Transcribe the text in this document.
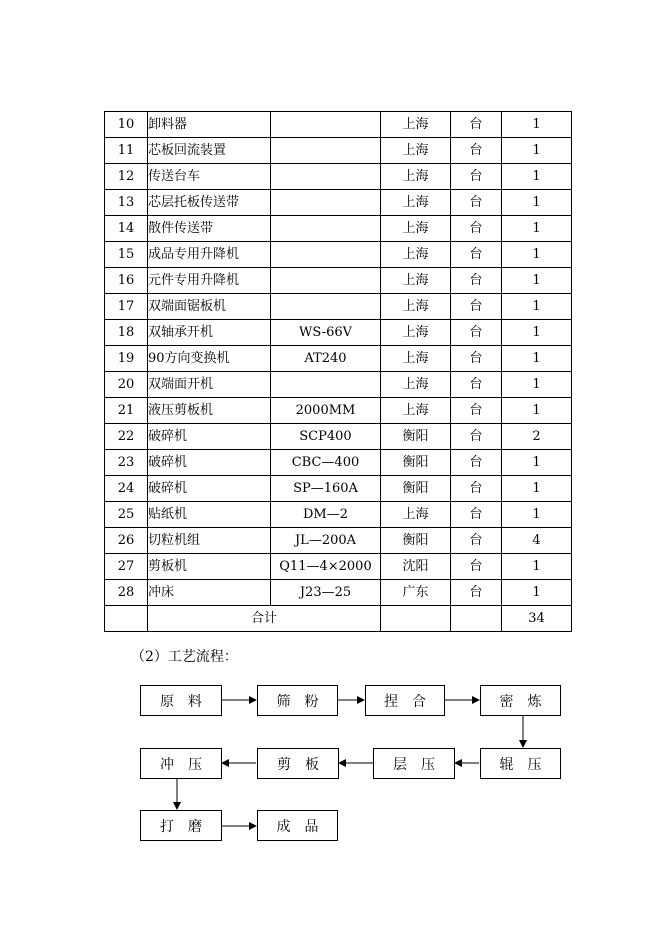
10	卸料器		上海	台	1
11	芯板回流装置		上海	台	1
12	传送台车		上海	台	1
13	芯层托板传送带		上海	台	1
14	散件传送带		上海	台	1
15	成品专用升降机		上海	台	1
16	元件专用升降机		上海	台	1
17	双端面锯板机		上海	台	1
18	双轴承开机	WS-66V	上海	台	1
19	90方向变换机	AT240	上海	台	1
20	双端面开机		上海	台	1
21	液压剪板机	2000MM	上海	台	1
22	破碎机	SCP400	衡阳	台	2
23	破碎机	CBC—400	衡阳	台	1
24	破碎机	SP—160A	衡阳	台	1
25	贴纸机	DM—2	上海	台	1
26	切粒机组	JL—200A	衡阳	台	4
27	剪板机	Q11—4×2000	沈阳	台	1
28	冲床	J23—25	广东	台	1
	合计				34
（2）工艺流程：
原料	筛粉	捏合	密炼
辊压
层压
剪板
冲压
打磨	成品
